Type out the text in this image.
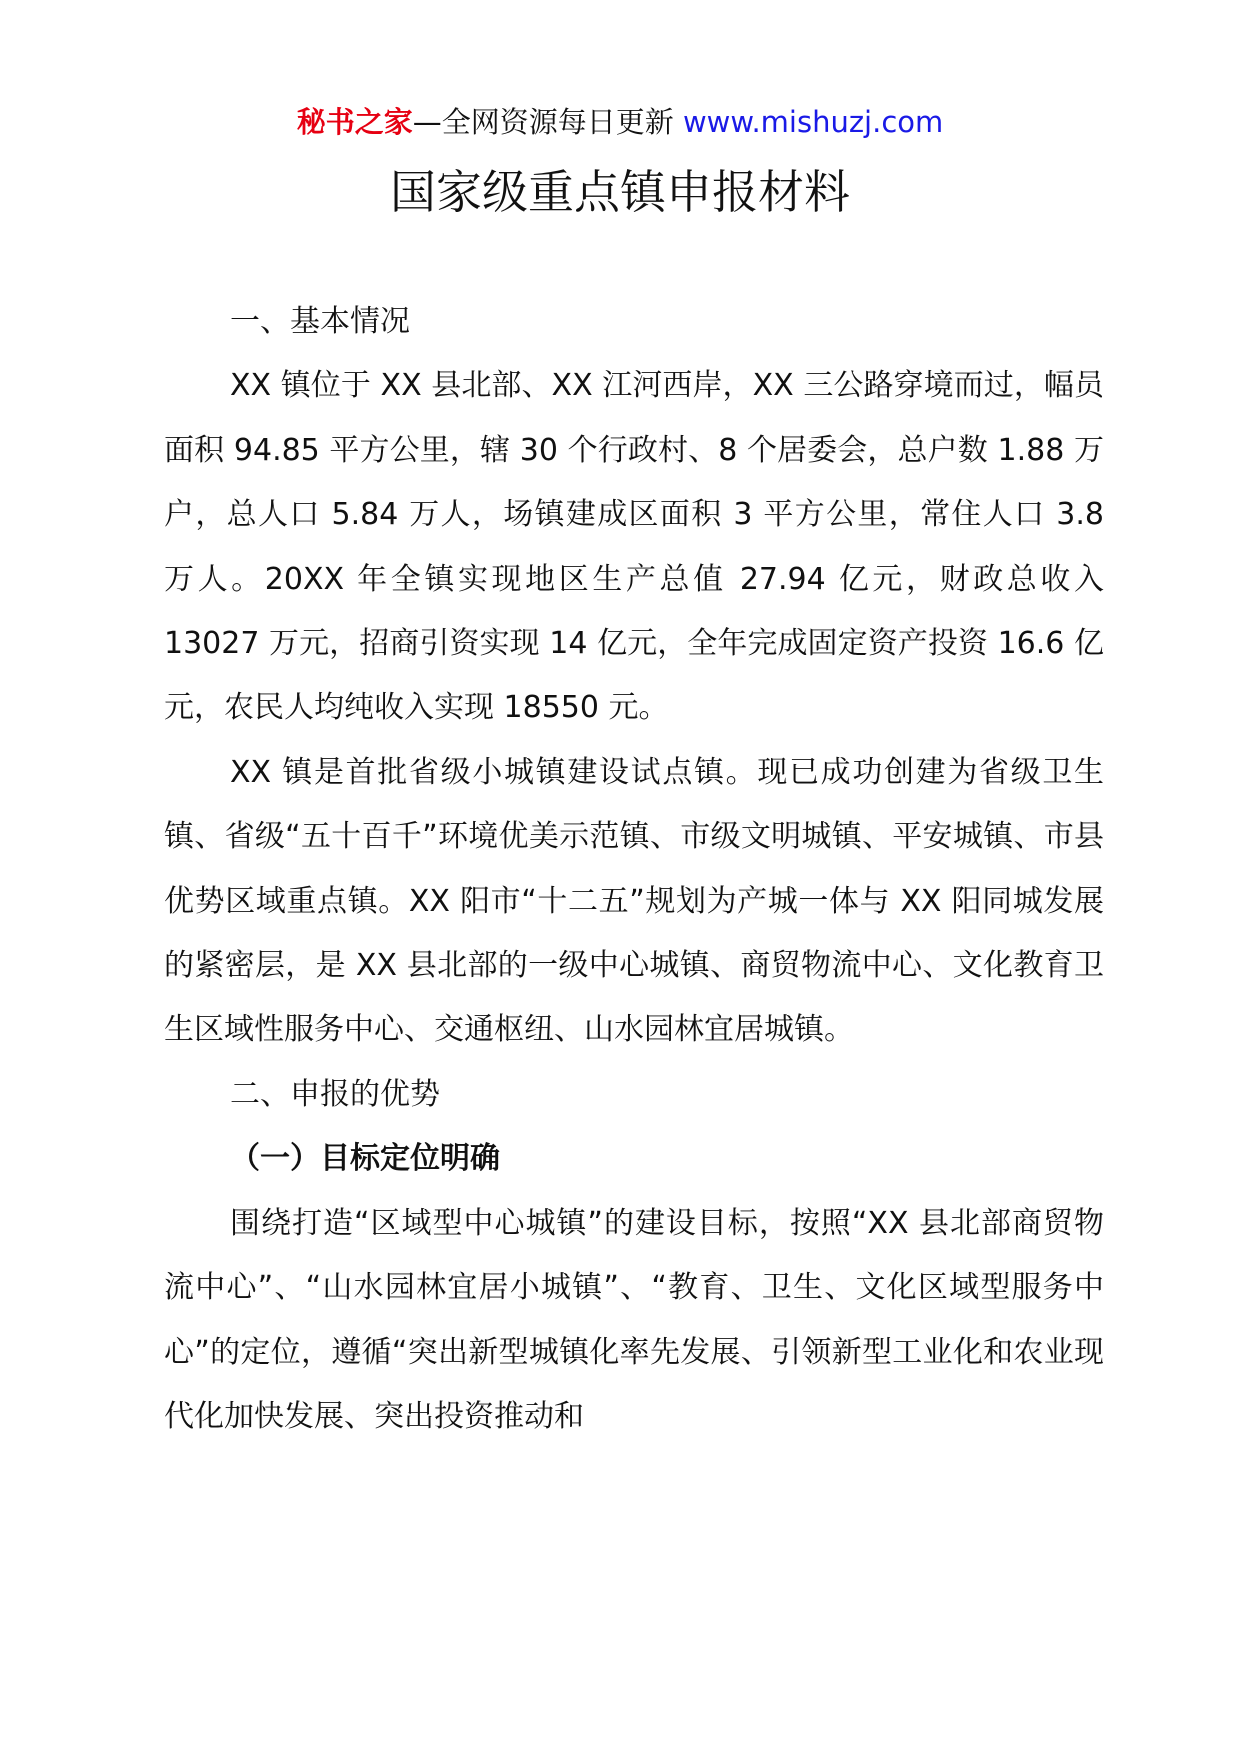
秘书之家—全网资源每日更新 www.mishuzj.com
国家级重点镇申报材料

一、基本情况

XX 镇位于 XX 县北部、XX 江河西岸，XX 三公路穿境而过，幅员面积 94.85 平方公里，辖 30 个行政村、8 个居委会，总户数 1.88 万户，总人口 5.84 万人，场镇建成区面积 3 平方公里，常住人口 3.8 万人。20XX 年全镇实现地区生产总值 27.94 亿元，财政总收入 13027 万元，招商引资实现 14 亿元，全年完成固定资产投资 16.6 亿元，农民人均纯收入实现 18550 元。

XX 镇是首批省级小城镇建设试点镇。现已成功创建为省级卫生镇、省级“五十百千”环境优美示范镇、市级文明城镇、平安城镇、市县优势区域重点镇。XX 阳市“十二五”规划为产城一体与 XX 阳同城发展的紧密层，是 XX 县北部的一级中心城镇、商贸物流中心、文化教育卫生区域性服务中心、交通枢纽、山水园林宜居城镇。

二、申报的优势

（一）目标定位明确

围绕打造“区域型中心城镇”的建设目标，按照“XX 县北部商贸物流中心”、“山水园林宜居小城镇”、“教育、卫生、文化区域型服务中心”的定位，遵循“突出新型城镇化率先发展、引领新型工业化和农业现代化加快发展、突出投资推动和
